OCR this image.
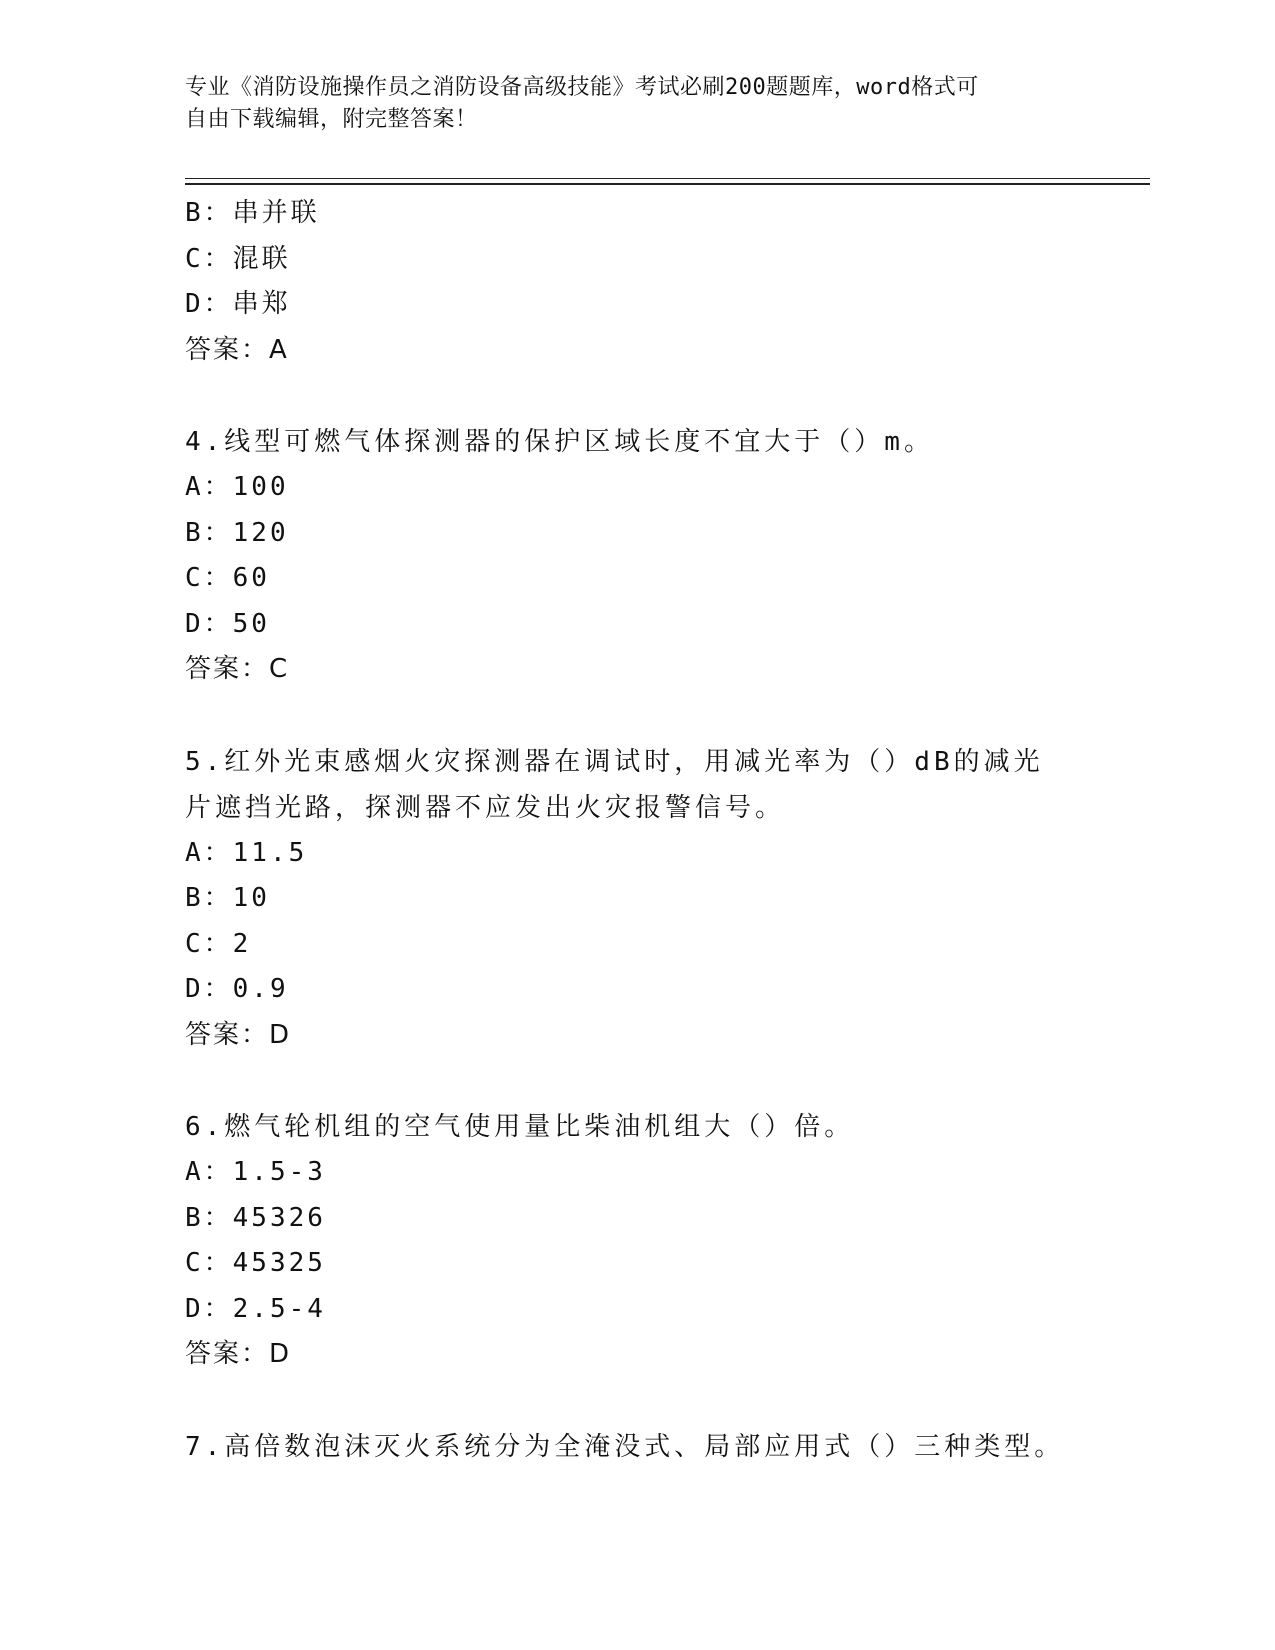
专业《消防设施操作员之消防设备高级技能》考试必刷200题题库，word格式可
自由下载编辑，附完整答案！
B：串并联
C：混联
D：串郑
答案：A
4.线型可燃气体探测器的保护区域长度不宜大于（）m。
A：100
B：120
C：60
D：50
答案：C
5.红外光束感烟火灾探测器在调试时，用减光率为（）dB的减光片遮挡光路，探测器不应发出火灾报警信号。
A：11.5
B：10
C：2
D：0.9
答案：D
6.燃气轮机组的空气使用量比柴油机组大（）倍。
A：1.5-3
B：45326
C：45325
D：2.5-4
答案：D
7.高倍数泡沫灭火系统分为全淹没式、局部应用式（）三种类型。
